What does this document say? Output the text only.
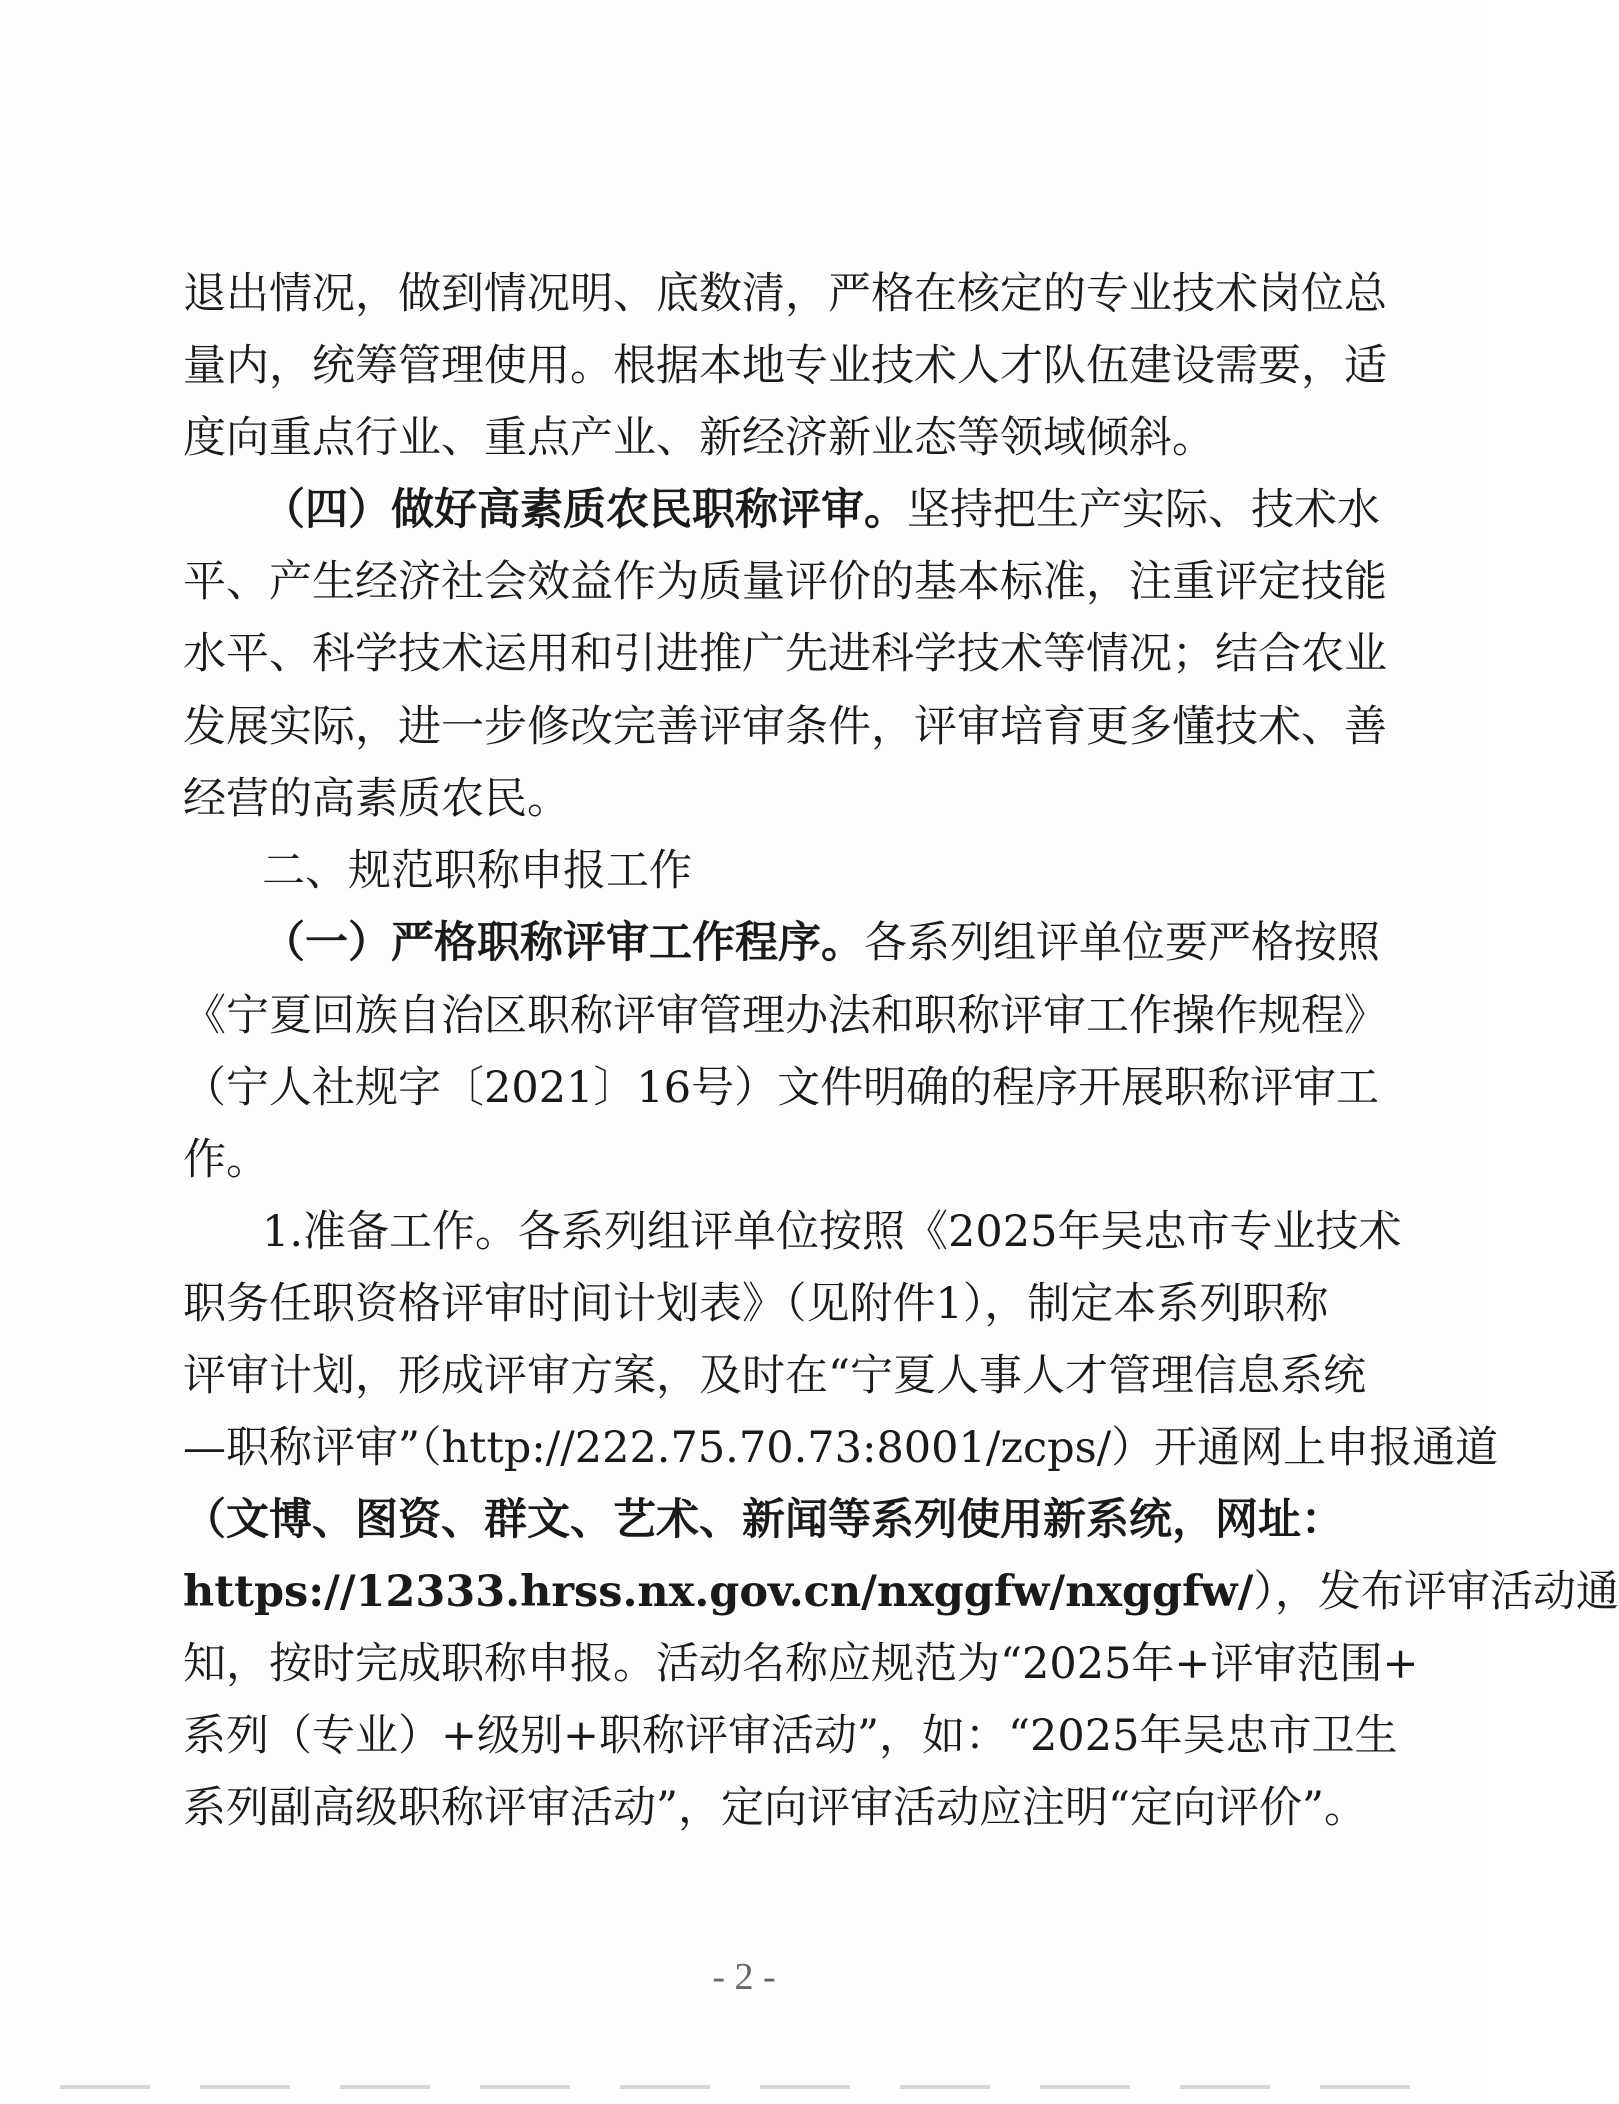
退出情况，做到情况明、底数清，严格在核定的专业技术岗位总
量内，统筹管理使用。根据本地专业技术人才队伍建设需要，适
度向重点行业、重点产业、新经济新业态等领域倾斜。
（四）做好高素质农民职称评审。坚持把生产实际、技术水
平、产生经济社会效益作为质量评价的基本标准，注重评定技能
水平、科学技术运用和引进推广先进科学技术等情况；结合农业
发展实际，进一步修改完善评审条件，评审培育更多懂技术、善
经营的高素质农民。
二、规范职称申报工作
（一）严格职称评审工作程序。各系列组评单位要严格按照
《宁夏回族自治区职称评审管理办法和职称评审工作操作规程》
（宁人社规字〔2021〕16号）文件明确的程序开展职称评审工
作。
1.准备工作。各系列组评单位按照《2025年吴忠市专业技术
职务任职资格评审时间计划表》（见附件1），制定本系列职称
评审计划，形成评审方案，及时在“宁夏人事人才管理信息系统
—职称评审”（http://222.75.70.73:8001/zcps/）开通网上申报通道
（文博、图资、群文、艺术、新闻等系列使用新系统，网址：
https://12333.hrss.nx.gov.cn/nxggfw/nxggfw/），发布评审活动通
知，按时完成职称申报。活动名称应规范为“2025年+评审范围+
系列（专业）+级别+职称评审活动”，如：“2025年吴忠市卫生
系列副高级职称评审活动”，定向评审活动应注明“定向评价”。
- 2 -
